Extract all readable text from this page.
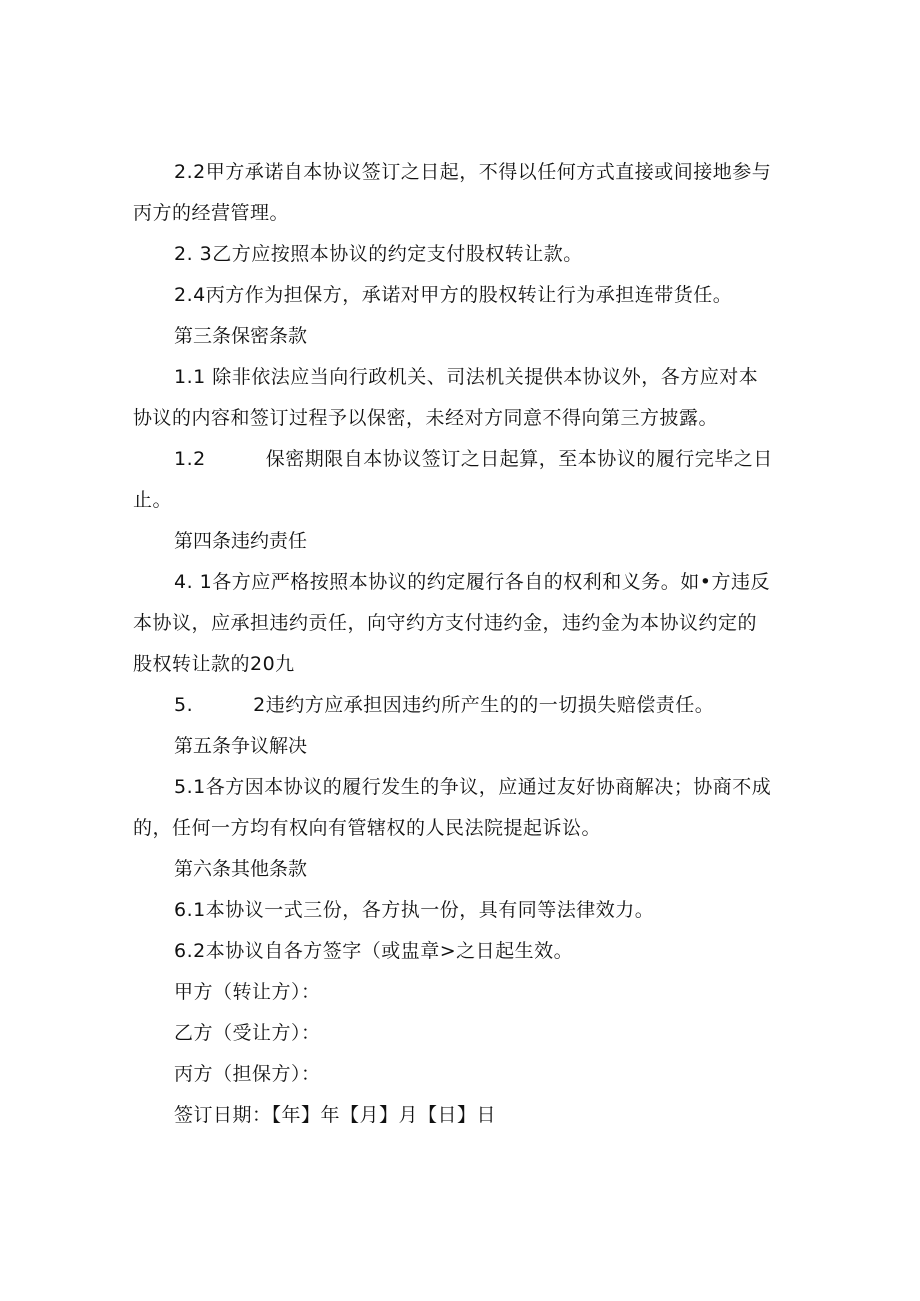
2.2甲方承诺自本协议签订之日起，不得以任何方式直接或间接地参与

丙方的经营管理。

2. 3乙方应按照本协议的约定支付股权转让款。

2.4丙方作为担保方，承诺对甲方的股权转让行为承担连带货任。

第三条保密条款

1.1 除非依法应当向行政机关、司法机关提供本协议外，各方应对本

协议的内容和签订过程予以保密，未经对方同意不得向第三方披露。

1.2	保密期限自本协议签订之日起算，至本协议的履行完毕之日

止。

第四条违约责任

4. 1各方应严格按照本协议的约定履行各自的权利和义务。如•方违反

本协议，应承担违约贡任，向守约方支付违约金，违约金为本协议约定的

股权转让款的20九

5.	2违约方应承担因违约所产生的的一切损失赔偿责任。

第五条争议解决

5.1各方因本协议的履行发生的争议，应通过友好协商解决；协商不成

的，任何一方均有权向有管辖权的人民法院提起诉讼。

第六条其他条款

6.1本协议一式三份，各方执一份，具有同等法律效力。

6.2本协议自各方签字（或盅章>之日起生效。

甲方（转让方）：

乙方（受让方）：

丙方（担保方）：

签订日期：【年】年【月】月【日】日
